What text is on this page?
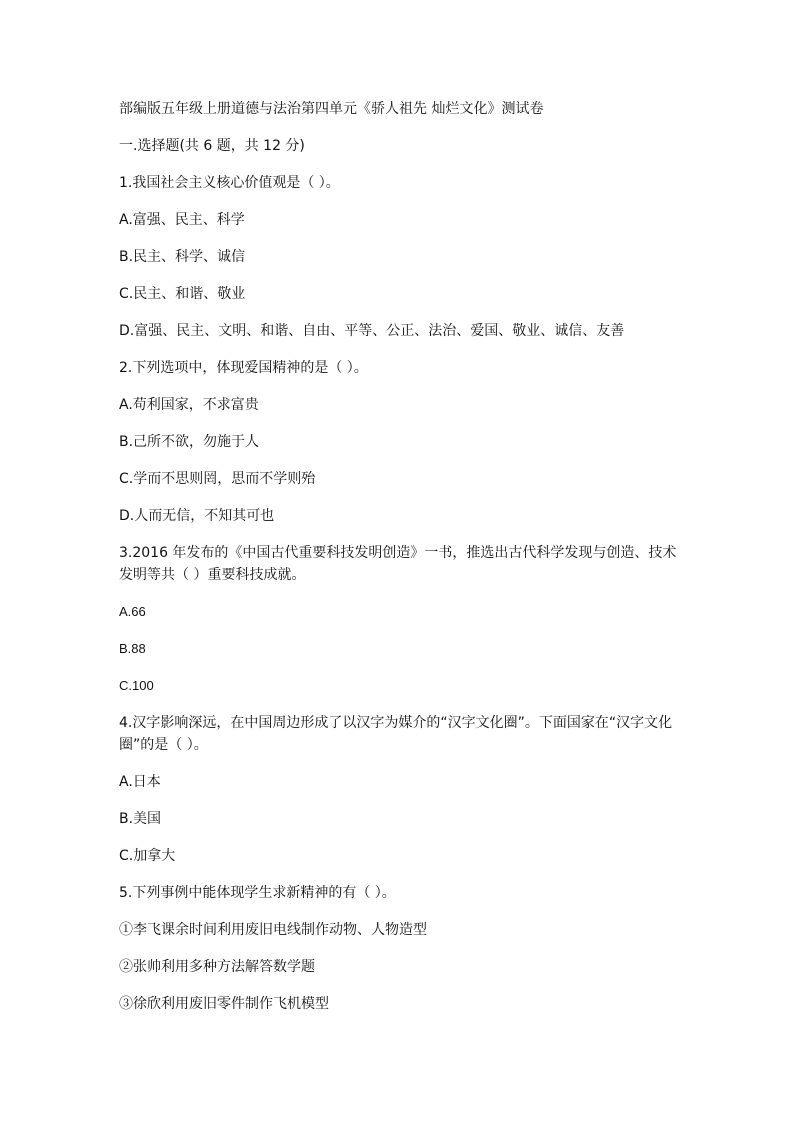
部编版五年级上册道德与法治第四单元《骄人祖先 灿烂文化》测试卷

一.选择题(共 6 题，共 12 分)

1.我国社会主义核心价值观是（ ）。

A.富强、民主、科学

B.民主、科学、诚信

C.民主、和谐、敬业

D.富强、民主、文明、和谐、自由、平等、公正、法治、爱国、敬业、诚信、友善

2.下列选项中，体现爱国精神的是（ ）。

A.苟利国家，不求富贵

B.己所不欲，勿施于人

C.学而不思则罔，思而不学则殆

D.人而无信，不知其可也

3.2016 年发布的《中国古代重要科技发明创造》一书，推选出古代科学发现与创造、技术发明等共（ ）重要科技成就。

A.66

B.88

C.100

4.汉字影响深远，在中国周边形成了以汉字为媒介的“汉字文化圈”。下面国家在“汉字文化圈”的是（ ）。

A.日本

B.美国

C.加拿大

5.下列事例中能体现学生求新精神的有（ ）。

①李飞课余时间利用废旧电线制作动物、人物造型

②张帅利用多种方法解答数学题

③徐欣利用废旧零件制作飞机模型
